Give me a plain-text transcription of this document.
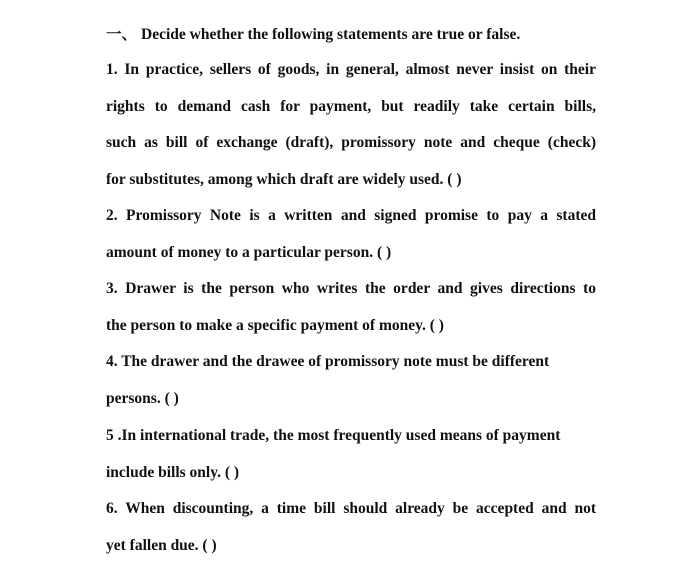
一、 Decide whether the following statements are true or false.
1. In practice, sellers of goods, in general, almost never insist on their
rights to demand cash for payment, but readily take certain bills,
such as bill of exchange (draft), promissory note and cheque (check)
for substitutes, among which draft are widely used. ( )
2. Promissory Note is a written and signed promise to pay a stated
amount of money to a particular person. ( )
3. Drawer is the person who writes the order and gives directions to
the person to make a specific payment of money. ( )
4. The drawer and the drawee of promissory note must be different
persons. ( )
5 .In international trade, the most frequently used means of payment
include bills only. ( )
6. When discounting, a time bill should already be accepted and not
yet fallen due. ( )
